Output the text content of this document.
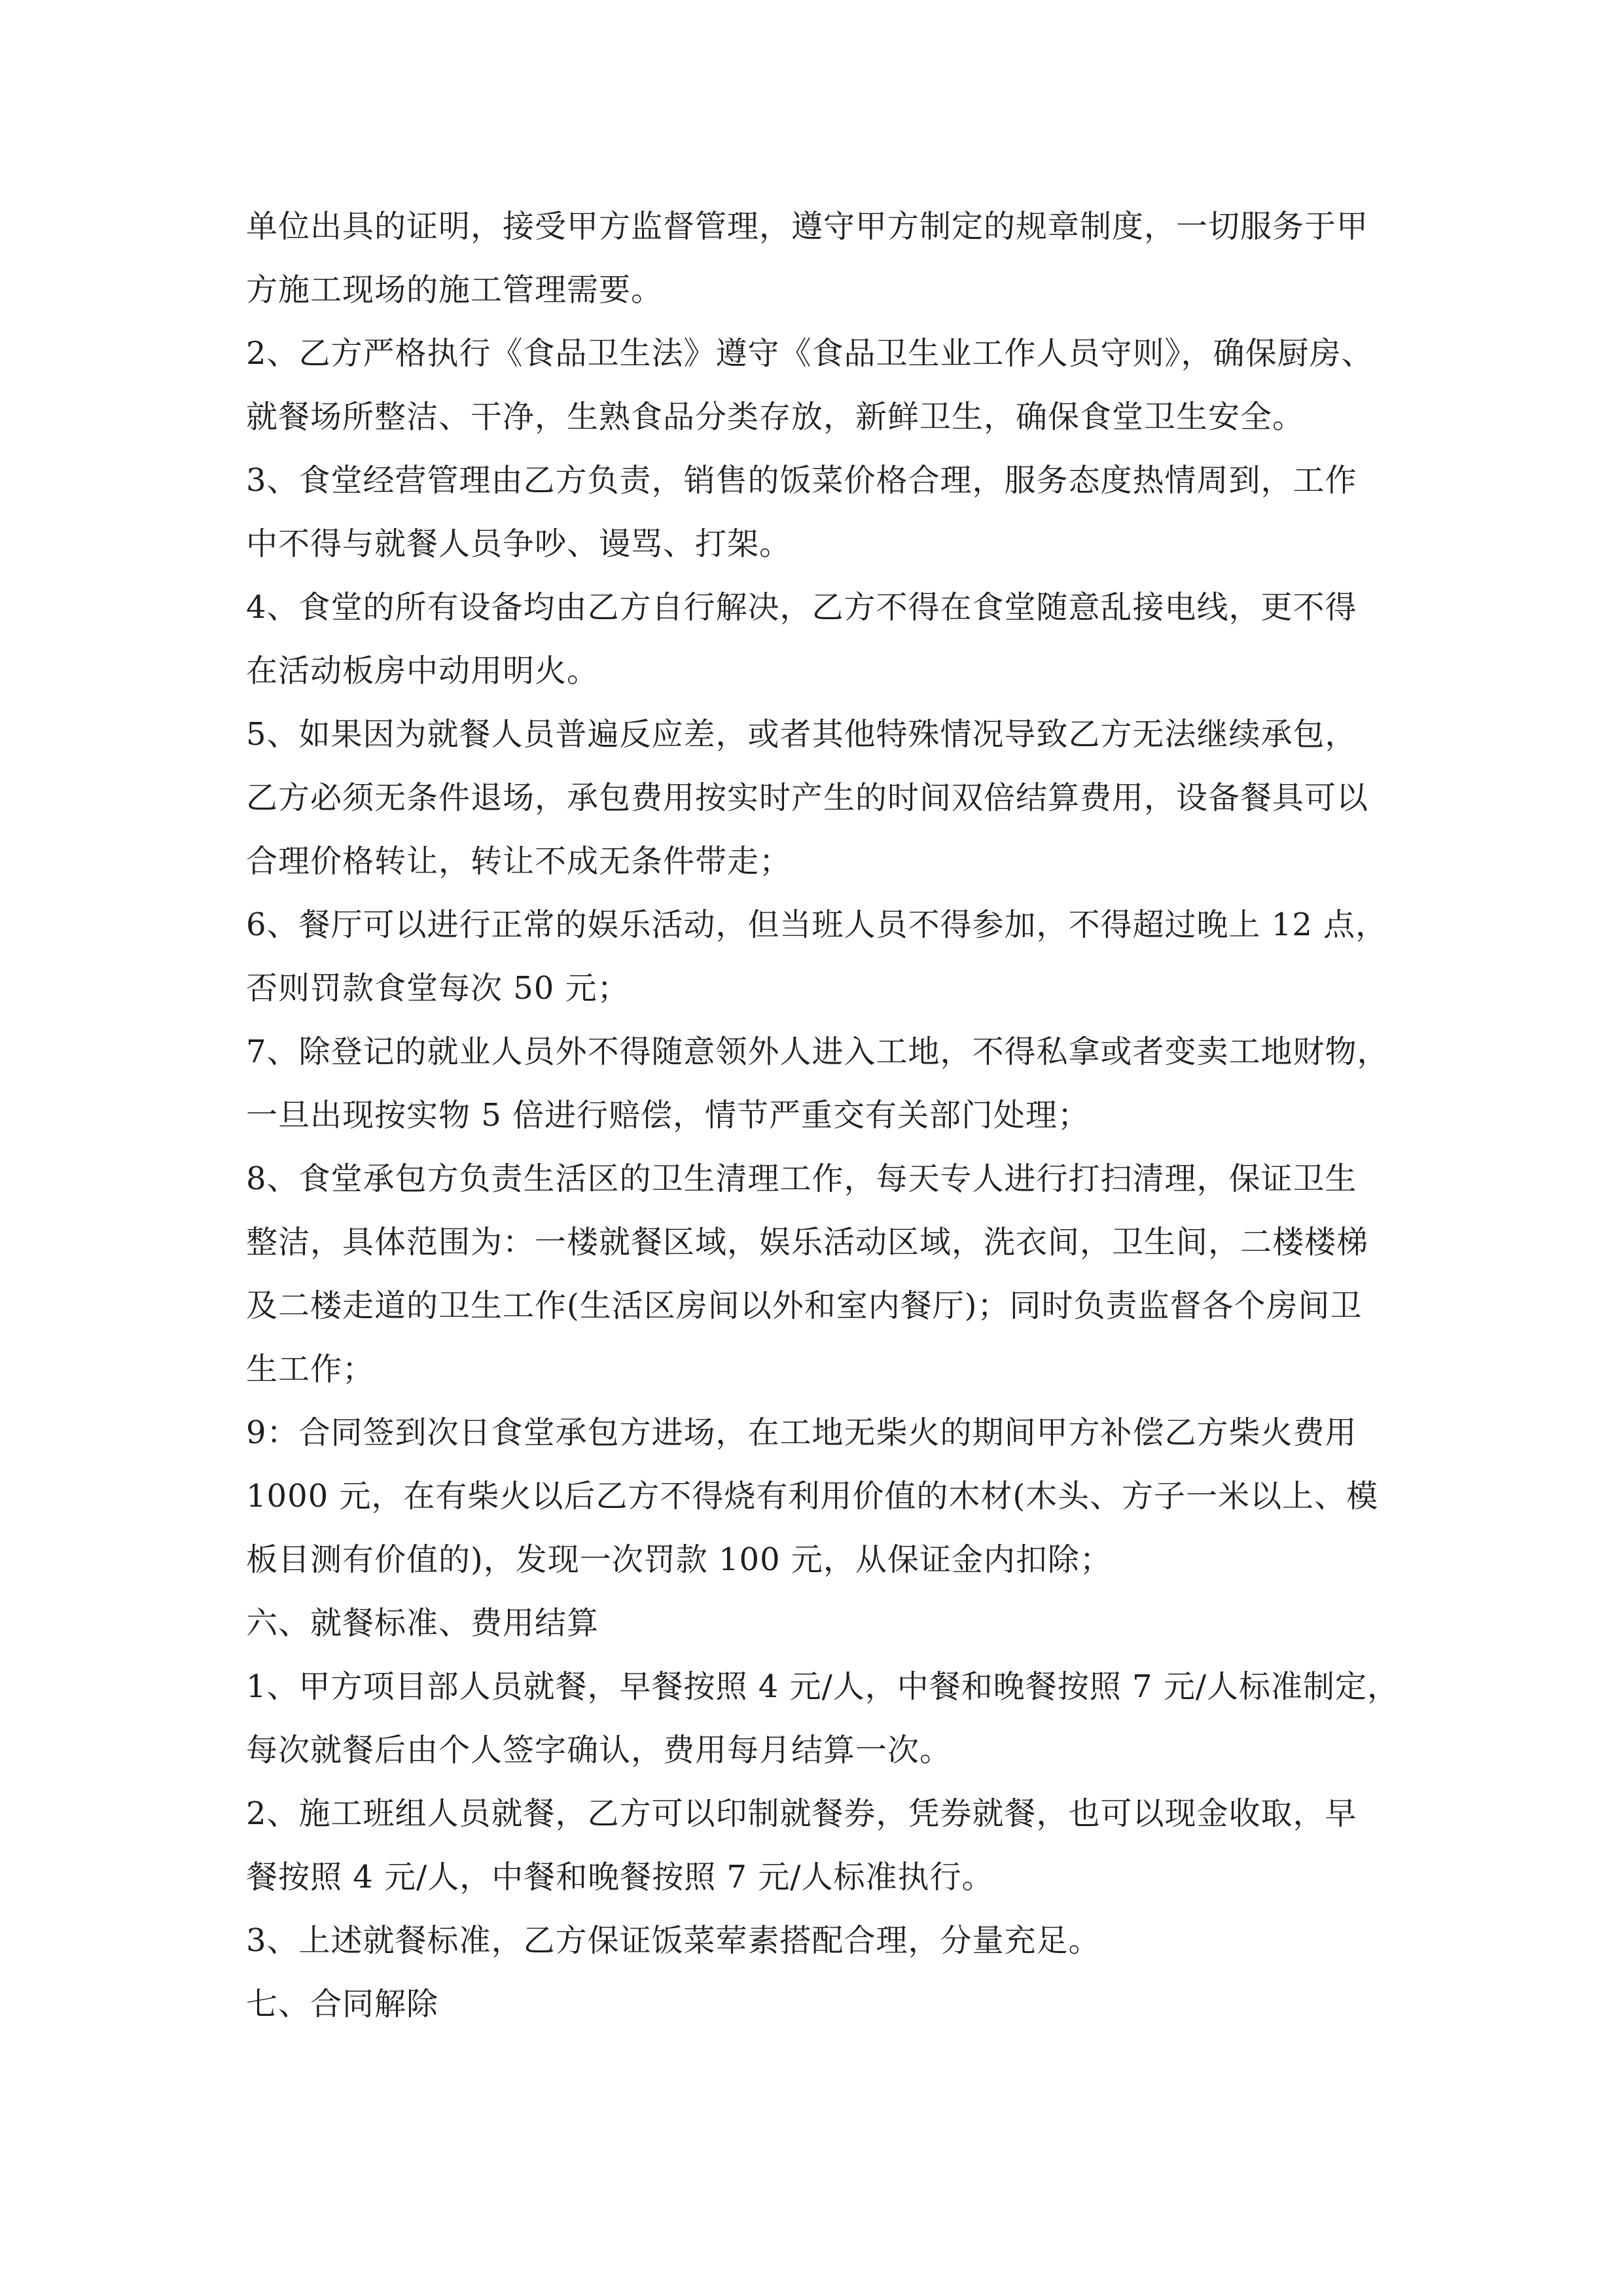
单位出具的证明，接受甲方监督管理，遵守甲方制定的规章制度，一切服务于甲
方施工现场的施工管理需要。
2、乙方严格执行《食品卫生法》遵守《食品卫生业工作人员守则》，确保厨房、
就餐场所整洁、干净，生熟食品分类存放，新鲜卫生，确保食堂卫生安全。
3、食堂经营管理由乙方负责，销售的饭菜价格合理，服务态度热情周到，工作
中不得与就餐人员争吵、谩骂、打架。
4、食堂的所有设备均由乙方自行解决，乙方不得在食堂随意乱接电线，更不得
在活动板房中动用明火。
5、如果因为就餐人员普遍反应差，或者其他特殊情况导致乙方无法继续承包，
乙方必须无条件退场，承包费用按实时产生的时间双倍结算费用，设备餐具可以
合理价格转让，转让不成无条件带走；
6、餐厅可以进行正常的娱乐活动，但当班人员不得参加，不得超过晚上 12 点，
否则罚款食堂每次 50 元；
7、除登记的就业人员外不得随意领外人进入工地，不得私拿或者变卖工地财物，
一旦出现按实物 5 倍进行赔偿，情节严重交有关部门处理；
8、食堂承包方负责生活区的卫生清理工作，每天专人进行打扫清理，保证卫生
整洁，具体范围为：一楼就餐区域，娱乐活动区域，洗衣间，卫生间，二楼楼梯
及二楼走道的卫生工作(生活区房间以外和室内餐厅)；同时负责监督各个房间卫
生工作；
9：合同签到次日食堂承包方进场，在工地无柴火的期间甲方补偿乙方柴火费用
1000 元，在有柴火以后乙方不得烧有利用价值的木材(木头、方子一米以上、模
板目测有价值的)，发现一次罚款 100 元，从保证金内扣除；
六、就餐标准、费用结算
1、甲方项目部人员就餐，早餐按照 4 元/人，中餐和晚餐按照 7 元/人标准制定，
每次就餐后由个人签字确认，费用每月结算一次。
2、施工班组人员就餐，乙方可以印制就餐券，凭券就餐，也可以现金收取，早
餐按照 4 元/人，中餐和晚餐按照 7 元/人标准执行。
3、上述就餐标准，乙方保证饭菜荤素搭配合理，分量充足。
七、合同解除
